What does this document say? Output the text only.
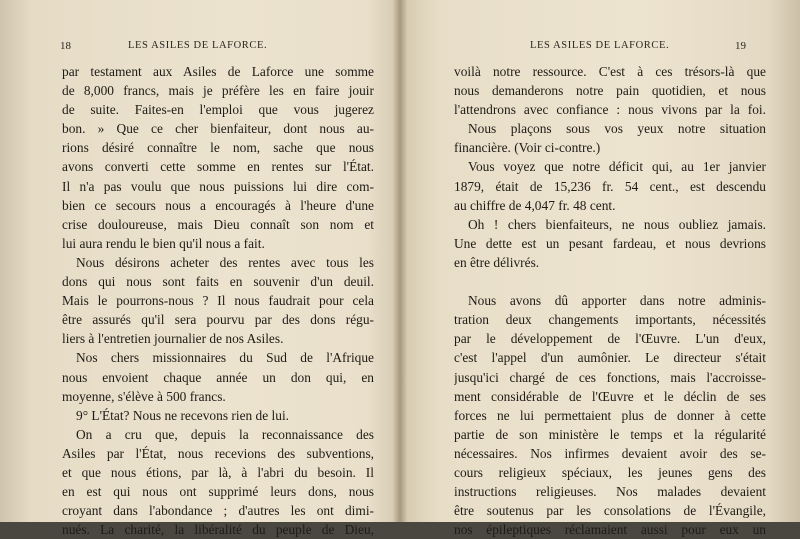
18	LES ASILES DE LAFORCE.
par testament aux Asiles de Laforce une somme
de 8,000 francs, mais je préfère les en faire jouir
de suite. Faites-en l'emploi que vous jugerez
bon. » Que ce cher bienfaiteur, dont nous au-
rions désiré connaître le nom, sache que nous
avons converti cette somme en rentes sur l'État.
Il n'a pas voulu que nous puissions lui dire com-
bien ce secours nous a encouragés à l'heure d'une
crise douloureuse, mais Dieu connaît son nom et
lui aura rendu le bien qu'il nous a fait.
Nous désirons acheter des rentes avec tous les
dons qui nous sont faits en souvenir d'un deuil.
Mais le pourrons-nous ? Il nous faudrait pour cela
être assurés qu'il sera pourvu par des dons régu-
liers à l'entretien journalier de nos Asiles.
Nos chers missionnaires du Sud de l'Afrique
nous envoient chaque année un don qui, en
moyenne, s'élève à 500 francs.
9° L'État? Nous ne recevons rien de lui.
On a cru que, depuis la reconnaissance des
Asiles par l'État, nous recevions des subventions,
et que nous étions, par là, à l'abri du besoin. Il
en est qui nous ont supprimé leurs dons, nous
croyant dans l'abondance ; d'autres les ont dimi-
nués. La charité, la libéralité du peuple de Dieu,
LES ASILES DE LAFORCE.	19
voilà notre ressource. C'est à ces trésors-là que
nous demanderons notre pain quotidien, et nous
l'attendrons avec confiance : nous vivons par la foi.
Nous plaçons sous vos yeux notre situation
financière. (Voir ci-contre.)
Vous voyez que notre déficit qui, au 1er janvier
1879, était de 15,236 fr. 54 cent., est descendu
au chiffre de 4,047 fr. 48 cent.
Oh ! chers bienfaiteurs, ne nous oubliez jamais.
Une dette est un pesant fardeau, et nous devrions
en être délivrés.
Nous avons dû apporter dans notre adminis-
tration deux changements importants, nécessités
par le développement de l'Œuvre. L'un d'eux,
c'est l'appel d'un aumônier. Le directeur s'était
jusqu'ici chargé de ces fonctions, mais l'accroisse-
ment considérable de l'Œuvre et le déclin de ses
forces ne lui permettaient plus de donner à cette
partie de son ministère le temps et la régularité
nécessaires. Nos infirmes devaient avoir des se-
cours religieux spéciaux, les jeunes gens des
instructions religieuses. Nos malades devaient
être soutenus par les consolations de l'Évangile,
nos épileptiques réclamaient aussi pour eux un
